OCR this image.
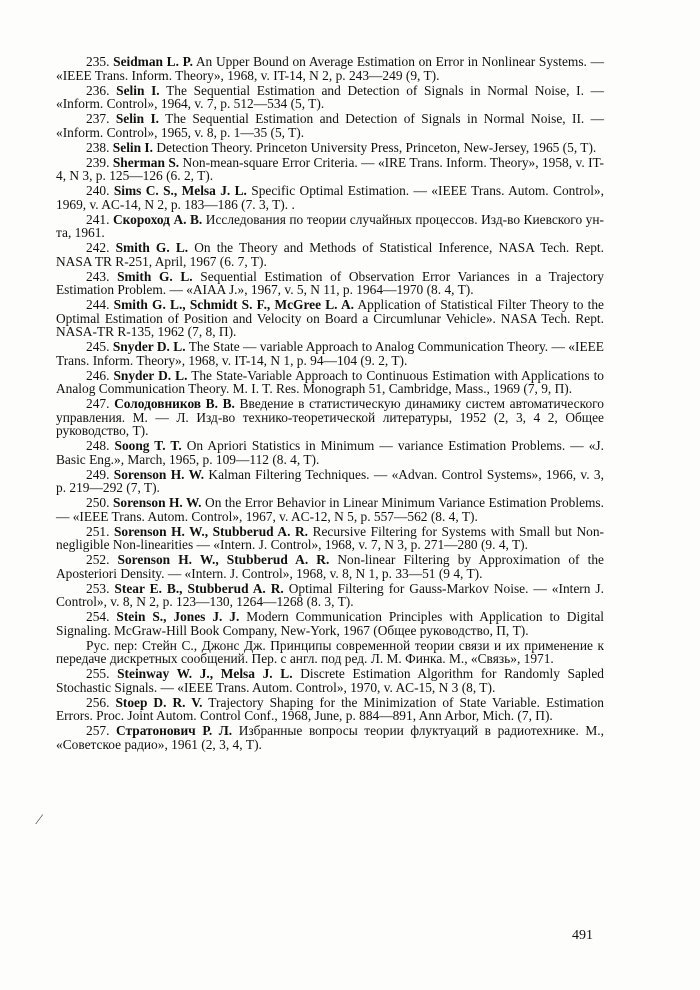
235. Seidman L. P. An Upper Bound on Average Estimation on Error in Nonlinear Systems. — «IEEE Trans. Inform. Theory», 1968, v. IT-14, N 2, p. 243—249 (9, T).

236. Selin I. The Sequential Estimation and Detection of Signals in Normal Noise, I. — «Inform. Control», 1964, v. 7, p. 512—534 (5, T).

237. Selin I. The Sequential Estimation and Detection of Signals in Normal Noise, II. — «Inform. Control», 1965, v. 8, p. 1—35 (5, T).

238. Selin I. Detection Theory. Princeton University Press, Princeton, New-Jersey, 1965 (5, T).

239. Sherman S. Non-mean-square Error Criteria. — «IRE Trans. Inform. Theory», 1958, v. IT-4, N 3, p. 125—126 (6. 2, T).

240. Sims C. S., Melsa J. L. Specific Optimal Estimation. — «IEEE Trans. Autom. Control», 1969, v. AC-14, N 2, p. 183—186 (7. 3, T). .

241. Скороход А. В. Исследования по теории случайных процессов. Изд-во Киевского ун-та, 1961.

242. Smith G. L. On the Theory and Methods of Statistical Inference, NASA Tech. Rept. NASA TR R-251, April, 1967 (6. 7, T).

243. Smith G. L. Sequential Estimation of Observation Error Variances in a Trajectory Estimation Problem. — «AIAA J.», 1967, v. 5, N 11, p. 1964—1970 (8. 4, T).

244. Smith G. L., Schmidt S. F., McGree L. A. Application of Statistical Filter Theory to the Optimal Estimation of Position and Velocity on Board a Circumlunar Vehicle». NASA Tech. Rept. NASA-TR R-135, 1962 (7, 8, П).

245. Snyder D. L. The State — variable Approach to Analog Communication Theory. — «IEEE Trans. Inform. Theory», 1968, v. IT-14, N 1, p. 94—104 (9. 2, T).

246. Snyder D. L. The State-Variable Approach to Continuous Estimation with Applications to Analog Communication Theory. M. I. T. Res. Monograph 51, Cambridge, Mass., 1969 (7, 9, П).

247. Солодовников В. В. Введение в статистическую динамику систем автоматического управления. М. — Л. Изд-во технико-теоретической литературы, 1952 (2, 3, 4 2, Общее руководство, T).

248. Soong T. T. On Apriori Statistics in Minimum — variance Estimation Problems. — «J. Basic Eng.», March, 1965, p. 109—112 (8. 4, T).

249. Sorenson H. W. Kalman Filtering Techniques. — «Advan. Control Systems», 1966, v. 3, p. 219—292 (7, T).

250. Sorenson H. W. On the Error Behavior in Linear Minimum Variance Estimation Problems. — «IEEE Trans. Autom. Control», 1967, v. AC-12, N 5, p. 557—562 (8. 4, T).

251. Sorenson H. W., Stubberud A. R. Recursive Filtering for Systems with Small but Non-negligible Non-linearities — «Intern. J. Control», 1968, v. 7, N 3, p. 271—280 (9. 4, T).

252. Sorenson H. W., Stubberud A. R. Non-linear Filtering by Approximation of the Aposteriori Density. — «Intern. J. Control», 1968, v. 8, N 1, p. 33—51 (9 4, T).

253. Stear E. B., Stubberud A. R. Optimal Filtering for Gauss-Markov Noise. — «Intern J. Control», v. 8, N 2, p. 123—130, 1264—1268 (8. 3, T).

254. Stein S., Jones J. J. Modern Communication Principles with Application to Digital Signaling. McGraw-Hill Book Company, New-York, 1967 (Общее руководство, П, T).

Рус. пер: Стейн С., Джонс Дж. Принципы современной теории связи и их применение к передаче дискретных сообщений. Пер. с англ. под ред. Л. М. Финка. М., «Связь», 1971.

255. Steinway W. J., Melsa J. L. Discrete Estimation Algorithm for Randomly Sapled Stochastic Signals. — «IEEE Trans. Autom. Control», 1970, v. AC-15, N 3 (8, T).

256. Stoep D. R. V. Trajectory Shaping for the Minimization of State Variable. Estimation Errors. Proc. Joint Autom. Control Conf., 1968, June, p. 884—891, Ann Arbor, Mich. (7, П).

257. Стратонович Р. Л. Избранные вопросы теории флуктуаций в радиотехнике. М., «Советское радио», 1961 (2, 3, 4, T).

⁄
491
